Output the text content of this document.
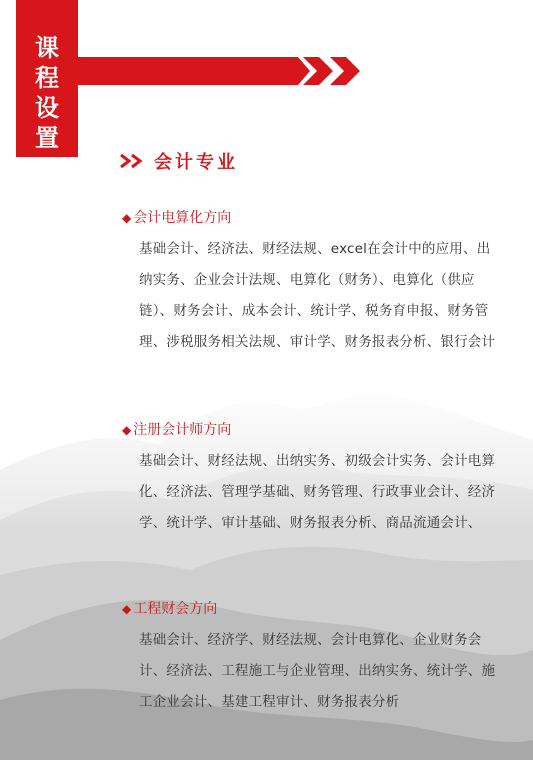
课
程
设
置
会计专业
◆ 会计电算化方向
基础会计、经济法、财经法规、excel在会计中的应用、出纳实务、企业会计法规、电算化（财务）、电算化（供应链）、财务会计、成本会计、统计学、税务育申报、财务管理、涉税服务相关法规、审计学、财务报表分析、银行会计
◆ 注册会计师方向
基础会计、财经法规、出纳实务、初级会计实务、会计电算化、经济法、管理学基础、财务管理、行政事业会计、经济学、统计学、审计基础、财务报表分析、商品流通会计、
◆ 工程财会方向
基础会计、经济学、财经法规、会计电算化、企业财务会计、经济法、工程施工与企业管理、出纳实务、统计学、施工企业会计、基建工程审计、财务报表分析
